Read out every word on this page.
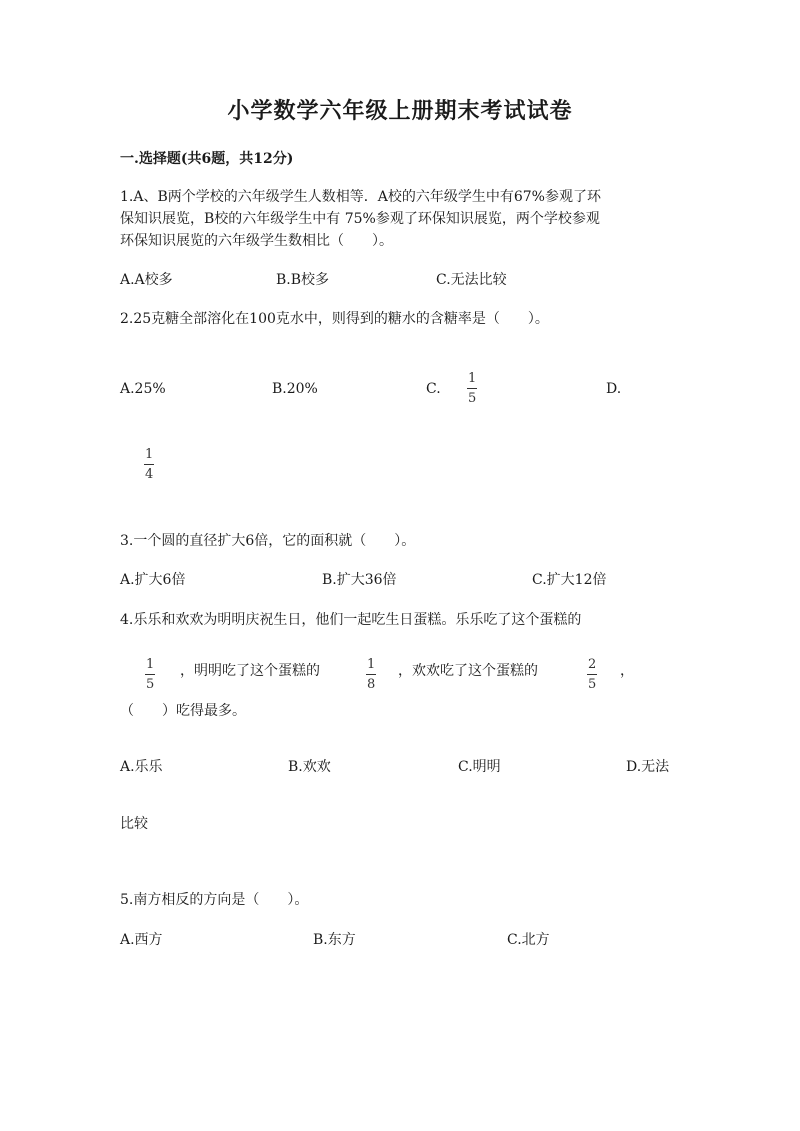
小学数学六年级上册期末考试试卷
一.选择题(共6题，共12分)
1.A、B两个学校的六年级学生人数相等．A校的六年级学生中有67%参观了环
保知识展览，B校的六年级学生中有 75%参观了环保知识展览，两个学校参观
环保知识展览的六年级学生数相比（　　）。
A.A校多	B.B校多	C.无法比较
2.25克糖全部溶化在100克水中，则得到的糖水的含糖率是（　　）。
A.25%	B.20%	C.
1
5
D.
1
4
3.一个圆的直径扩大6倍，它的面积就（　　）。
A.扩大6倍	B.扩大36倍	C.扩大12倍
4.乐乐和欢欢为明明庆祝生日，他们一起吃生日蛋糕。乐乐吃了这个蛋糕的
1
5
，明明吃了这个蛋糕的	1
8
，欢欢吃了这个蛋糕的	2
5
，
（　　）吃得最多。
A.乐乐	B.欢欢	C.明明	D.无法
比较
5.南方相反的方向是（　　）。
A.西方	B.东方	C.北方
